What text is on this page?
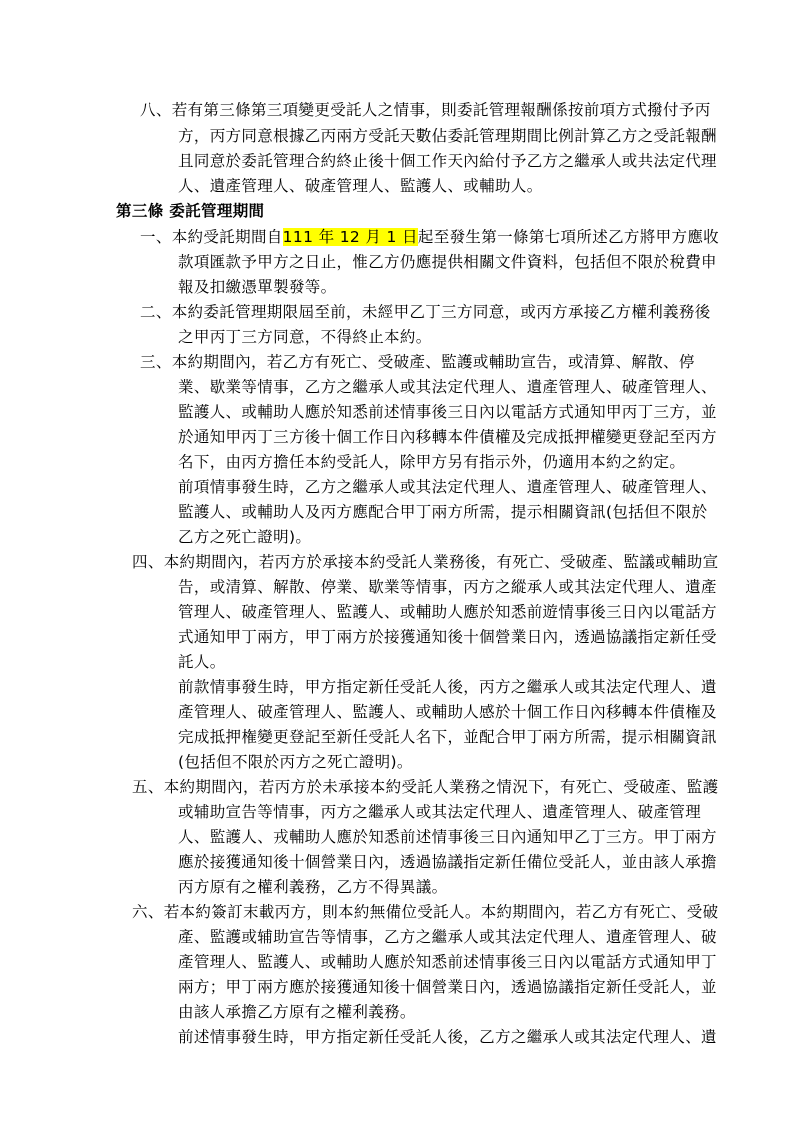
八、若有第三條第三項變更受託人之情事，則委託管理報酬係按前項方式撥付予丙
方，丙方同意根據乙丙兩方受託天數佔委託管理期間比例計算乙方之受託報酬
且同意於委託管理合約終止後十個工作天內給付予乙方之繼承人或共法定代理
人、遺產管理人、破產管理人、監護人、或輔助人。
第三條 委託管理期間
一、本約受託期間自111 年 12 月 1 日起至發生第一條第七項所述乙方將甲方應收
款項匯款予甲方之日止，惟乙方仍應提供相關文件資料，包括但不限於稅費申
報及扣繳憑單製發等。
二、本約委託管理期限屆至前，未經甲乙丁三方同意，或丙方承接乙方權利義務後
之甲丙丁三方同意，不得終止本約。
三、本約期間內，若乙方有死亡、受破產、監護或輔助宣告，或清算、解散、停
業、歇業等情事，乙方之繼承人或其法定代理人、遺產管理人、破產管理人、
監護人、或輔助人應於知悉前述情事後三日內以電話方式通知甲丙丁三方，並
於通知甲丙丁三方後十個工作日內移轉本件債權及完成抵押權變更登記至丙方
名下，由丙方擔任本約受託人，除甲方另有指示外，仍適用本約之約定。
前項情事發生時，乙方之繼承人或其法定代理人、遺產管理人、破產管理人、
監護人、或輔助人及丙方應配合甲丁兩方所需，提示相關資訊(包括但不限於
乙方之死亡證明)。
四、本約期間內，若丙方於承接本約受託人業務後，有死亡、受破產、監議或輔助宣
告，或清算、解散、停業、歇業等情事，丙方之縱承人或其法定代理人、遺產
管理人、破產管理人、監護人、或輔助人應於知悉前遊情事後三日內以電話方
式通知甲丁兩方，甲丁兩方於接獲通知後十個營業日內，透過協議指定新任受
託人。
前款情事發生時，甲方指定新任受託人後，丙方之繼承人或其法定代理人、遺
產管理人、破產管理人、監護人、或輔助人感於十個工作日內移轉本件債権及
完成抵押権變更登記至新任受託人名下，並配合甲丁兩方所需，提示相關資訊
(包括但不限於丙方之死亡證明)。
五、本約期間內，若丙方於未承接本約受託人業務之情況下，有死亡、受破產、監護
或辅助宣告等情事，丙方之繼承人或其法定代理人、遺產管理人、破產管理
人、監護人、戎輔助人應於知悉前述情事後三日內通知甲乙丁三方。甲丁兩方
應於接獲通知後十個營業日內，透過協議指定新任備位受託人，並由該人承擔
丙方原有之權利義務，乙方不得異議。
六、若本約簽訂末載丙方，則本約無備位受託人。本約期間內，若乙方有死亡、受破
產、監護或辅助宣告等情事，乙方之繼承人或其法定代理人、遺產管理人、破
產管理人、監護人、或輔助人應於知悉前述情事後三日內以電話方式通知甲丁
兩方；甲丁兩方應於接獲通知後十個營業日內，透過協議指定新任受託人，並
由該人承擔乙方原有之權利義務。
前述情事發生時，甲方指定新任受託人後，乙方之繼承人或其法定代理人、遺
